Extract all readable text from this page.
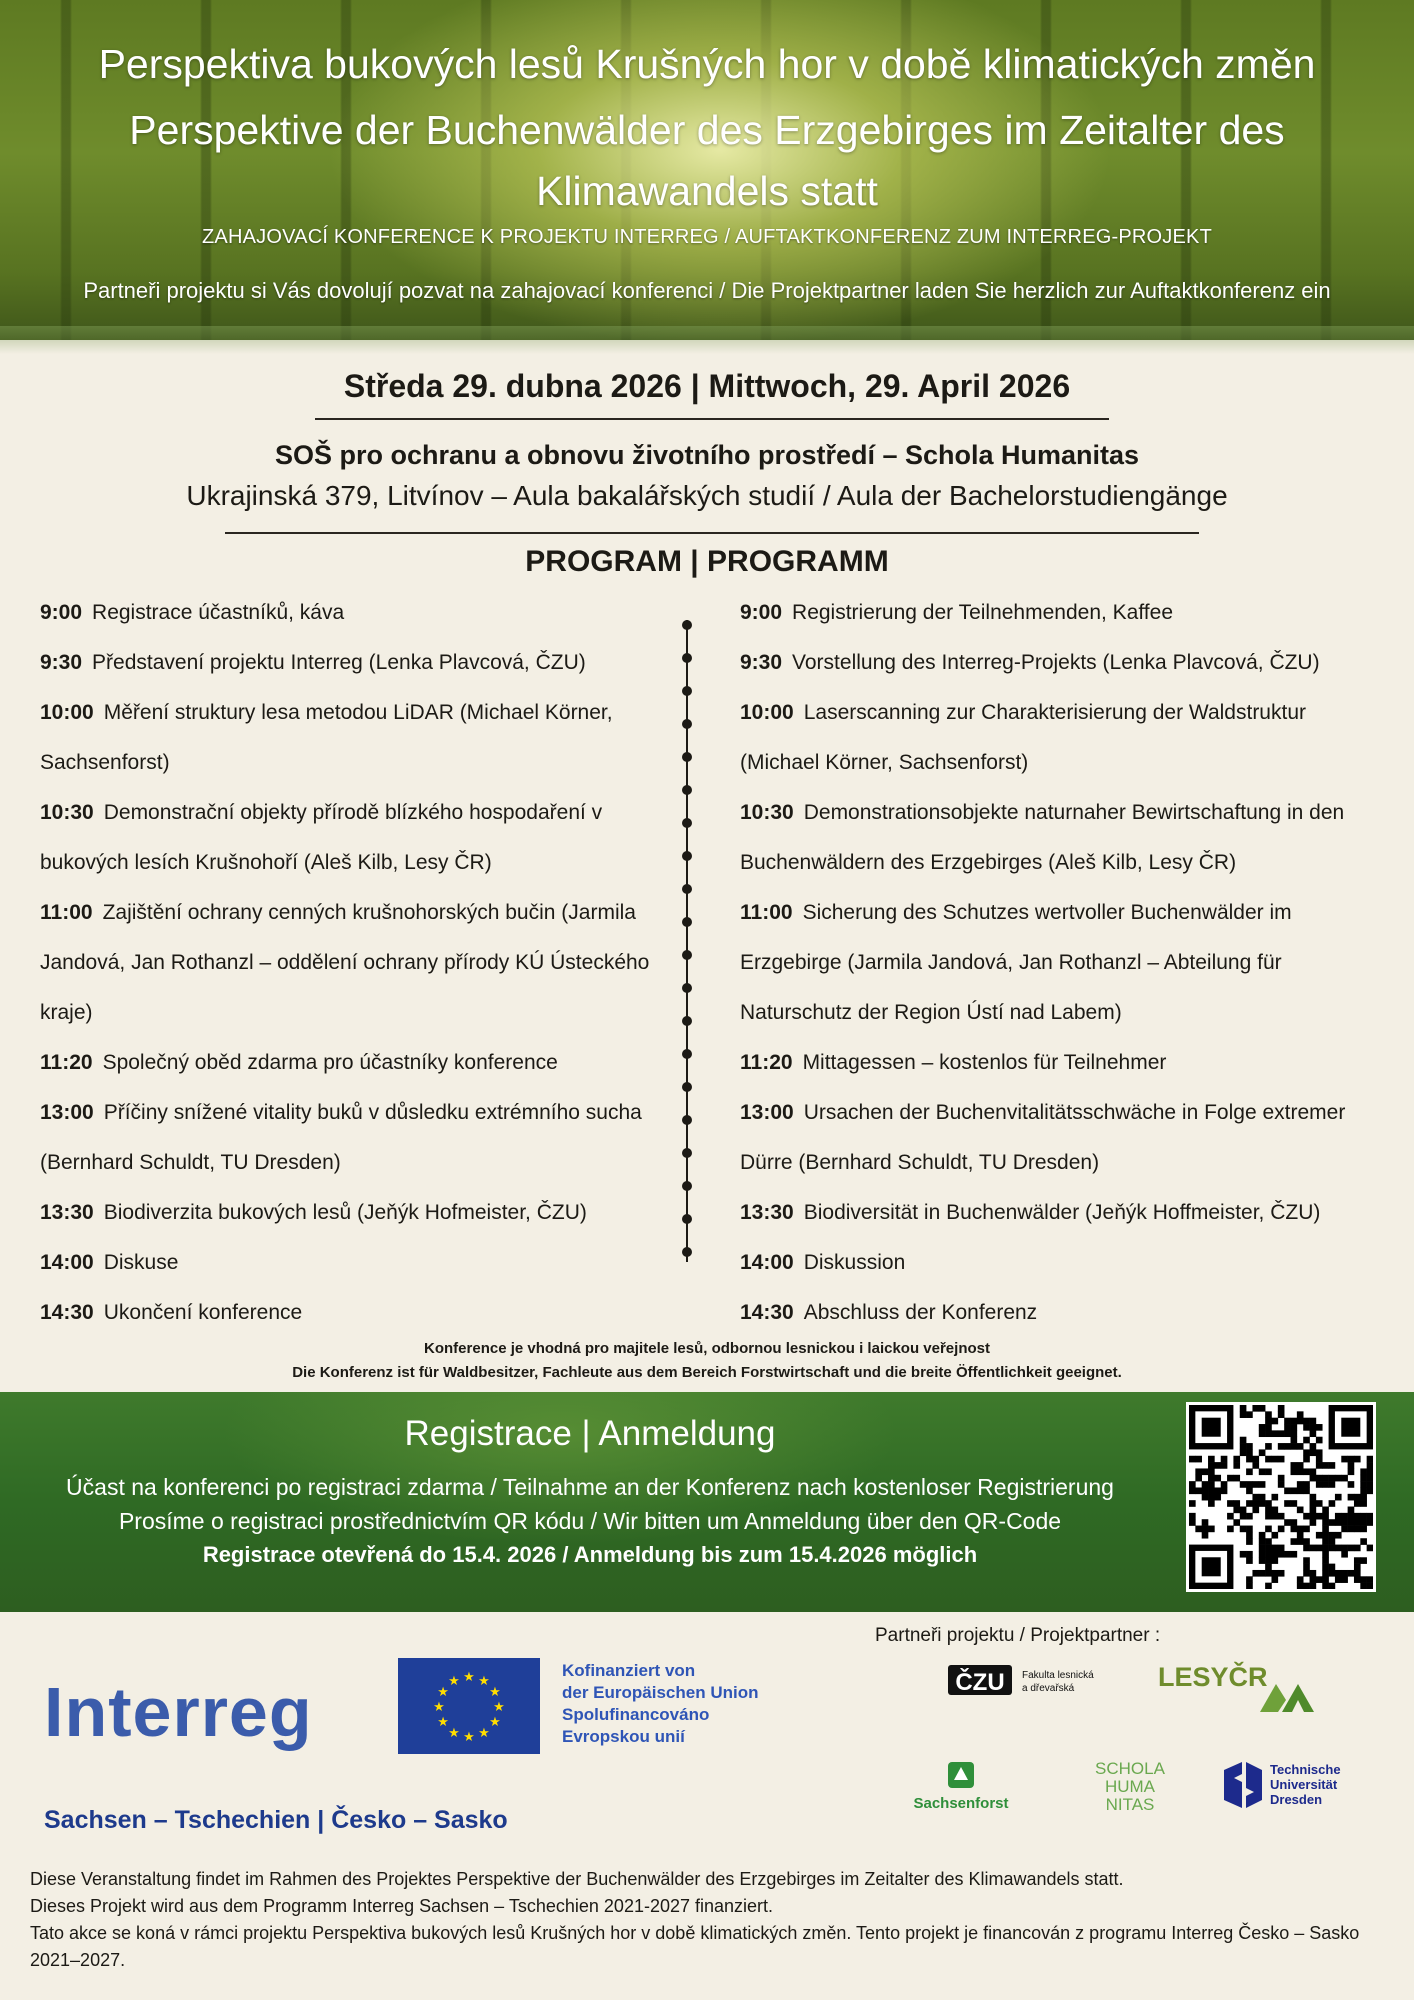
Perspektiva bukových lesů Krušných hor v době klimatických změn
Perspektive der Buchenwälder des Erzgebirges im Zeitalter des Klimawandels statt
ZAHAJOVACÍ KONFERENCE K PROJEKTU INTERREG / AUFTAKTKONFERENZ ZUM INTERREG-PROJEKT
Partneři projektu si Vás dovolují pozvat na zahajovací konferenci / Die Projektpartner laden Sie herzlich zur Auftaktkonferenz ein
Středa 29. dubna 2026 | Mittwoch, 29. April 2026
SOŠ pro ochranu a obnovu životního prostředí – Schola Humanitas
Ukrajinská 379, Litvínov – Aula bakalářských studií / Aula der Bachelorstudiengänge
PROGRAM | PROGRAMM

9:00 Registrace účastníků, káva

9:30 Představení projektu Interreg (Lenka Plavcová, ČZU)

10:00 Měření struktury lesa metodou LiDAR (Michael Körner, Sachsenforst)

10:30 Demonstrační objekty přírodě blízkého hospodaření v bukových lesích Krušnohoří (Aleš Kilb, Lesy ČR)

11:00 Zajištění ochrany cenných krušnohorských bučin (Jarmila Jandová, Jan Rothanzl – oddělení ochrany přírody KÚ Ústeckého kraje)

11:20 Společný oběd zdarma pro účastníky konference

13:00 Příčiny snížené vitality buků v důsledku extrémního sucha (Bernhard Schuldt, TU Dresden)

13:30 Biodiverzita bukových lesů (Jeňýk Hofmeister, ČZU)

14:00 Diskuse

14:30 Ukončení konference

9:00 Registrierung der Teilnehmenden, Kaffee

9:30 Vorstellung des Interreg-Projekts (Lenka Plavcová, ČZU)

10:00 Laserscanning zur Charakterisierung der Waldstruktur (Michael Körner, Sachsenforst)

10:30 Demonstrationsobjekte naturnaher Bewirtschaftung in den Buchenwäldern des Erzgebirges (Aleš Kilb, Lesy ČR)

11:00 Sicherung des Schutzes wertvoller Buchenwälder im Erzgebirge (Jarmila Jandová, Jan Rothanzl – Abteilung für Naturschutz der Region Ústí nad Labem)

11:20 Mittagessen – kostenlos für Teilnehmer

13:00 Ursachen der Buchenvitalitätsschwäche in Folge extremer Dürre (Bernhard Schuldt, TU Dresden)

13:30 Biodiversität in Buchenwälder (Jeňýk Hoffmeister, ČZU)

14:00 Diskussion

14:30 Abschluss der Konferenz

Konference je vhodná pro majitele lesů, odbornou lesnickou i laickou veřejnost
Die Konferenz ist für Waldbesitzer, Fachleute aus dem Bereich Forstwirtschaft und die breite Öffentlichkeit geeignet.
Registrace | Anmeldung
Účast na konferenci po registraci zdarma / Teilnahme an der Konferenz nach kostenloser Registrierung
Prosíme o registraci prostřednictvím QR kódu / Wir bitten um Anmeldung über den QR-Code
Registrace otevřená do 15.4. 2026 / Anmeldung bis zum 15.4.2026 möglich
Partneři projektu / Projektpartner :
Interreg	★ ★
★
★
★
★
★
★
★
★
★
★
Kofinanziert von
der Europäischen Union
Spolufinancováno
Evropskou unií
Sachsen – Tschechien | Česko – Sasko
ČZU Fakulta lesnická
a dřevařská	LESYČR
Sachsenforst
SCHOLA
HUMA
NITAS
Technische
Universität
Dresden
Diese Veranstaltung findet im Rahmen des Projektes Perspektive der Buchenwälder des Erzgebirges im Zeitalter des Klimawandels statt.
Dieses Projekt wird aus dem Programm Interreg Sachsen – Tschechien 2021-2027 finanziert.
Tato akce se koná v rámci projektu Perspektiva bukových lesů Krušných hor v době klimatických změn. Tento projekt je financován z programu Interreg Česko – Sasko 2021–2027.
